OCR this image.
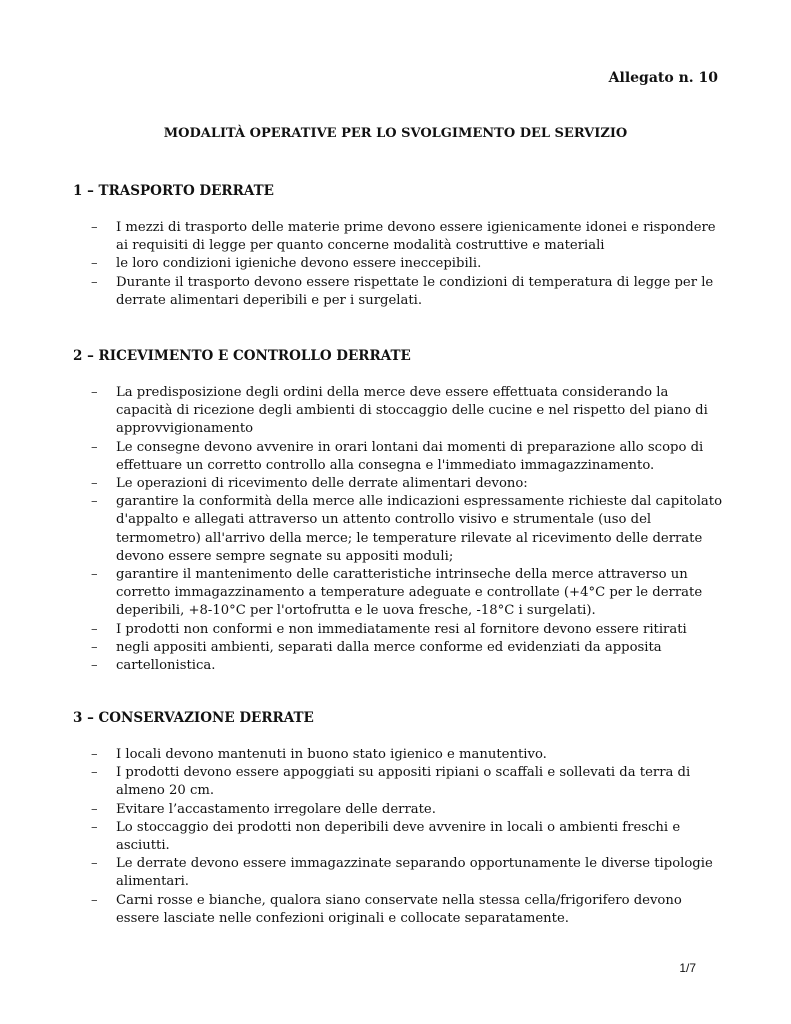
Allegato n. 10
MODALITÀ OPERATIVE PER LO SVOLGIMENTO DEL SERVIZIO
1 – TRASPORTO DERRATE
– I mezzi di trasporto delle materie prime devono essere igienicamente idonei e rispondere ai requisiti di legge per quanto concerne modalità costruttive e materiali
– le loro condizioni igieniche devono essere ineccepibili.
– Durante il trasporto devono essere rispettate le condizioni di temperatura di legge per le derrate alimentari deperibili e per i surgelati.
2 – RICEVIMENTO E CONTROLLO DERRATE
– La predisposizione degli ordini della merce deve essere effettuata considerando la capacità di ricezione degli ambienti di stoccaggio delle cucine e nel rispetto del piano di approvvigionamento
– Le consegne devono avvenire in orari lontani dai momenti di preparazione allo scopo di effettuare un corretto controllo alla consegna e l'immediato immagazzinamento.
– Le operazioni di ricevimento delle derrate alimentari devono:
– garantire la conformità della merce alle indicazioni espressamente richieste dal capitolato d'appalto e allegati attraverso un attento controllo visivo e strumentale (uso del termometro) all'arrivo della merce; le temperature rilevate al ricevimento delle derrate devono essere sempre segnate su appositi moduli;
– garantire il mantenimento delle caratteristiche intrinseche della merce attraverso un corretto immagazzinamento a temperature adeguate e controllate (+4°C per le derrate deperibili, +8-10°C per l'ortofrutta e le uova fresche, -18°C i surgelati).
– I prodotti non conformi e non immediatamente resi al fornitore devono essere ritirati
– negli appositi ambienti, separati dalla merce conforme ed evidenziati da apposita
– cartellonistica.
3 – CONSERVAZIONE DERRATE
– I locali devono mantenuti in buono stato igienico e manutentivo.
– I prodotti devono essere appoggiati su appositi ripiani o scaffali e sollevati da terra di almeno 20 cm.
– Evitare l’accastamento irregolare delle derrate.
– Lo stoccaggio dei prodotti non deperibili deve avvenire in locali o ambienti freschi e asciutti.
– Le derrate devono essere immagazzinate separando opportunamente le diverse tipologie alimentari.
– Carni rosse e bianche, qualora siano conservate nella stessa cella/frigorifero devono essere lasciate nelle confezioni originali e collocate separatamente.
1/7
